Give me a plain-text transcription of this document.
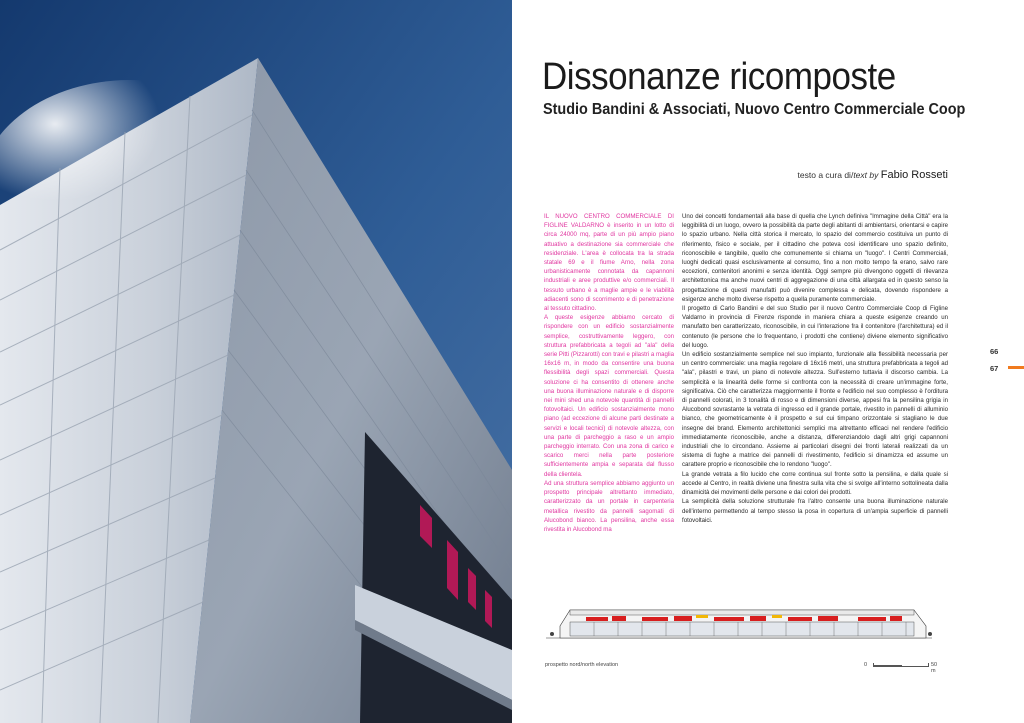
Dissonanze ricomposte
Studio Bandini & Associati, Nuovo Centro Commerciale Coop
testo a cura di/text by Fabio Rosseti

IL NUOVO CENTRO COMMERCIALE DI FIGLINE VALDARNO è inserito in un lotto di circa 24000 mq, parte di un più ampio piano attuativo a destinazione sia commerciale che residenziale. L'area è collocata tra la strada statale 69 e il fiume Arno, nella zona urbanisticamente connotata da capannoni industriali e aree produttive e/o commerciali. Il tessuto urbano è a maglie ampie e le viabilità adiacenti sono di scorrimento e di penetrazione al tessuto cittadino.

A queste esigenze abbiamo cercato di rispondere con un edificio sostanzialmente semplice, costruttivamente leggero, con struttura prefabbricata a tegoli ad "ala" della serie Pitti (Pizzarotti) con travi e pilastri a maglia 16x16 m, in modo da consentire una buona flessibilità degli spazi commerciali. Questa soluzione ci ha consentito di ottenere anche una buona illuminazione naturale e di disporre nei mini shed una notevole quantità di pannelli fotovoltaici. Un edificio sostanzialmente mono piano (ad eccezione di alcune parti destinate a servizi e locali tecnici) di notevole altezza, con una parte di parcheggio a raso e un ampio parcheggio interrato. Con una zona di carico e scarico merci nella parte posteriore sufficientemente ampia e separata dal flusso della clientela.

Ad una struttura semplice abbiamo aggiunto un prospetto principale altrettanto immediato, caratterizzato da un portale in carpenteria metallica rivestito da pannelli sagomati di Alucobond bianco. La pensilina, anche essa rivestita in Alucobond ma

Uno dei concetti fondamentali alla base di quella che Lynch definiva "Immagine della Città" era la leggibilità di un luogo, ovvero la possibilità da parte degli abitanti di ambientarsi, orientarsi e capire lo spazio urbano. Nella città storica il mercato, lo spazio del commercio costituiva un punto di riferimento, fisico e sociale, per il cittadino che poteva così identificare uno spazio definito, riconoscibile e tangibile, quello che comunemente si chiama un "luogo". I Centri Commerciali, luoghi dedicati quasi esclusivamente al consumo, fino a non molto tempo fa erano, salvo rare eccezioni, contenitori anonimi e senza identità. Oggi sempre più divengono oggetti di rilevanza architettonica ma anche nuovi centri di aggregazione di una città allargata ed in questo senso la progettazione di questi manufatti può divenire complessa e delicata, dovendo rispondere a esigenze anche molto diverse rispetto a quella puramente commerciale.

Il progetto di Carlo Bandini e del suo Studio per il nuovo Centro Commerciale Coop di Figline Valdarno in provincia di Firenze risponde in maniera chiara a queste esigenze creando un manufatto ben caratterizzato, riconoscibile, in cui l'interazione fra il contenitore (l'architettura) ed il contenuto (le persone che lo frequentano, i prodotti che contiene) diviene elemento significativo del luogo.

Un edificio sostanzialmente semplice nel suo impianto, funzionale alla flessibilità necessaria per un centro commerciale: una maglia regolare di 16x16 metri, una struttura prefabbricata a tegoli ad "ala", pilastri e travi, un piano di notevole altezza. Sull'esterno tuttavia il discorso cambia. La semplicità e la linearità delle forme si confronta con la necessità di creare un'immagine forte, significativa. Ciò che caratterizza maggiormente il fronte e l'edificio nel suo complesso è l'orditura di pannelli colorati, in 3 tonalità di rosso e di dimensioni diverse, appesi fra la pensilina grigia in Alucobond sovrastante la vetrata di ingresso ed il grande portale, rivestito in pannelli di alluminio bianco, che geometricamente è il prospetto e sul cui timpano orizzontale si stagliano le due insegne dei brand. Elemento architettonici semplici ma altrettanto efficaci nel rendere l'edificio immediatamente riconoscibile, anche a distanza, differenziandolo dagli altri grigi capannoni industriali che lo circondano. Assieme ai particolari disegni dei fronti laterali realizzati da un sistema di fughe a matrice dei pannelli di rivestimento, l'edificio si dinamizza ed assume un carattere proprio e riconoscibile che lo rendono "luogo".

La grande vetrata a filo lucido che corre continua sul fronte sotto la pensilina, e dalla quale si accede al Centro, in realtà diviene una finestra sulla vita che si svolge all'interno sottolineata dalla dinamicità dei movimenti delle persone e dai colori dei prodotti.

La semplicità della soluzione strutturale fra l'altro consente una buona illuminazione naturale dell'interno permettendo al tempo stesso la posa in copertura di un'ampia superficie di pannelli fotovoltaici.

66
67
prospetto nord/north elevation	0	50 m
